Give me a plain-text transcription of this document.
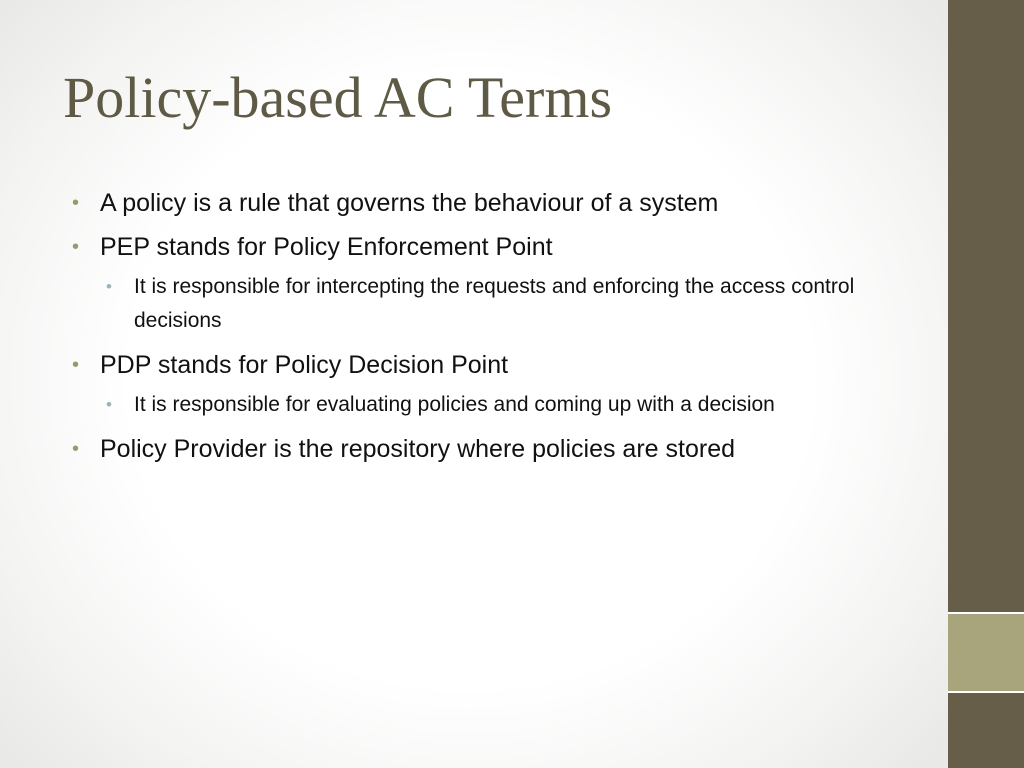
Policy-based AC Terms
• A policy is a rule that governs the behaviour of a system
• PEP stands for Policy Enforcement Point
• It is responsible for intercepting the requests and enforcing the access control decisions
• PDP stands for Policy Decision Point
• It is responsible for evaluating policies and coming up with a decision
• Policy Provider is the repository where policies are stored
